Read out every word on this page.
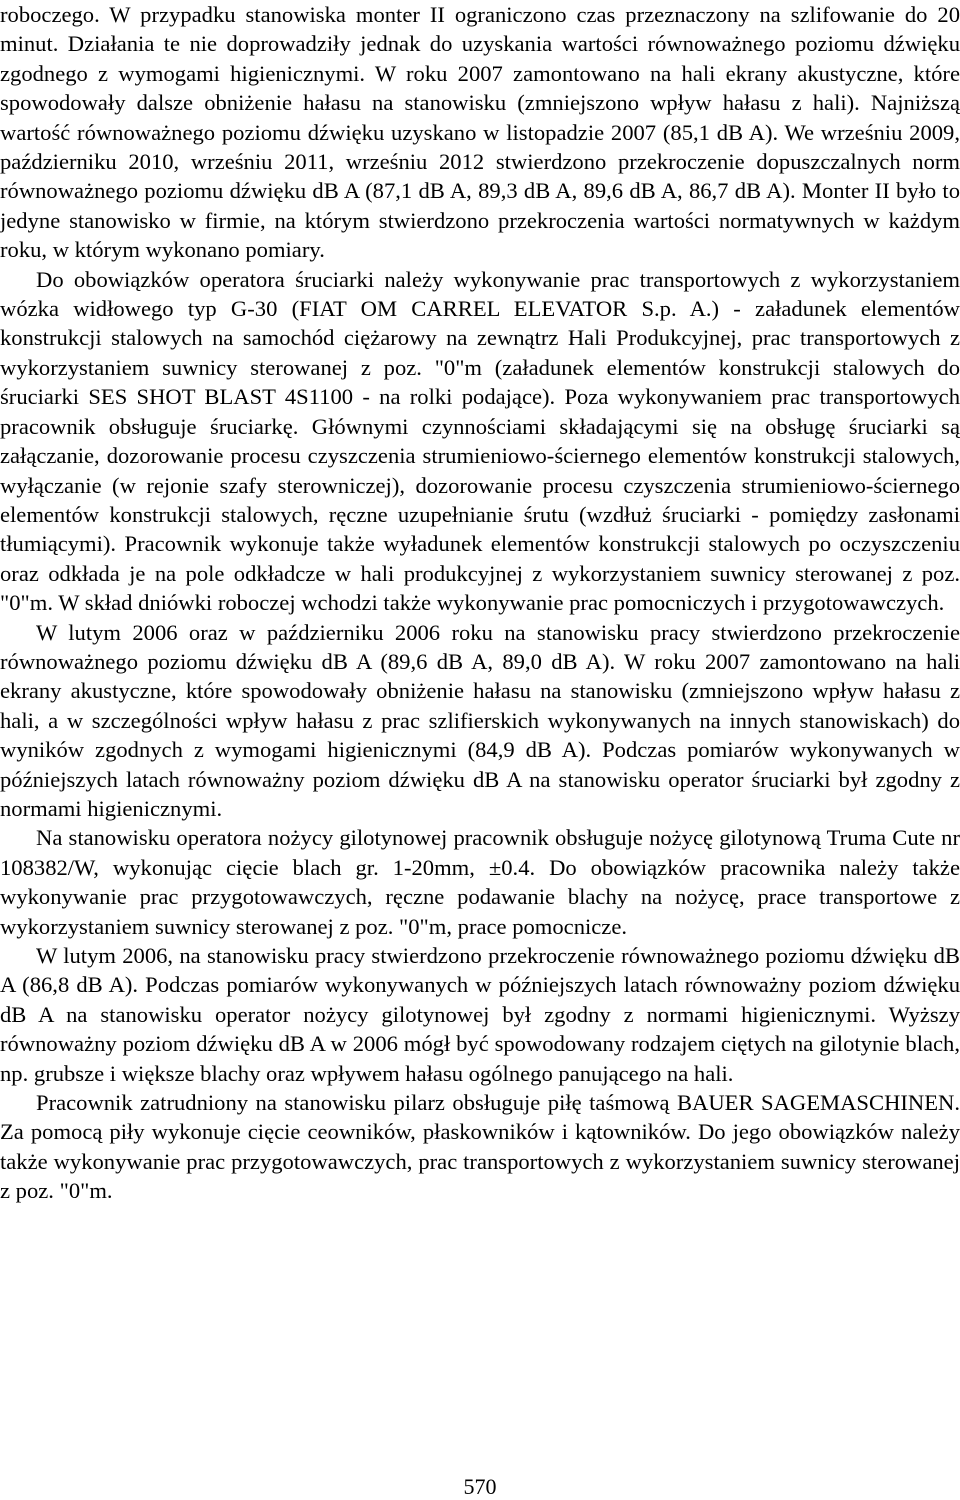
roboczego. W przypadku stanowiska monter II ograniczono czas przeznaczony na szlifowanie do 20 minut. Działania te nie doprowadziły jednak do uzyskania wartości równoważnego poziomu dźwięku zgodnego z wymogami higienicznymi. W roku 2007 zamontowano na hali ekrany akustyczne, które spowodowały dalsze obniżenie hałasu na stanowisku (zmniejszono wpływ hałasu z hali). Najniższą wartość równoważnego poziomu dźwięku uzyskano w listopadzie 2007 (85,1 dB A). We wrześniu 2009, październiku 2010, wrześniu 2011, wrześniu 2012 stwierdzono przekroczenie dopuszczalnych norm równoważnego poziomu dźwięku dB A (87,1 dB A, 89,3 dB A, 89,6 dB A, 86,7 dB A). Monter II było to jedyne stanowisko w firmie, na którym stwierdzono przekroczenia wartości normatywnych w każdym roku, w którym wykonano pomiary.

Do obowiązków operatora śruciarki należy wykonywanie prac transportowych z wykorzystaniem wózka widłowego typ G-30 (FIAT OM CARREL ELEVATOR S.p. A.) - załadunek elementów konstrukcji stalowych na samochód ciężarowy na zewnątrz Hali Produkcyjnej, prac transportowych z wykorzystaniem suwnicy sterowanej z poz. "0"m (załadunek elementów konstrukcji stalowych do śruciarki SES SHOT BLAST 4S1100 - na rolki podające). Poza wykonywaniem prac transportowych pracownik obsługuje śruciarkę. Głównymi czynnościami składającymi się na obsługę śruciarki są załączanie, dozorowanie procesu czyszczenia strumieniowo-ściernego elementów konstrukcji stalowych, wyłączanie (w rejonie szafy sterowniczej), dozorowanie procesu czyszczenia strumieniowo-ściernego elementów konstrukcji stalowych, ręczne uzupełnianie śrutu (wzdłuż śruciarki - pomiędzy zasłonami tłumiącymi). Pracownik wykonuje także wyładunek elementów konstrukcji stalowych po oczyszczeniu oraz odkłada je na pole odkładcze w hali produkcyjnej z wykorzystaniem suwnicy sterowanej z poz. "0"m. W skład dniówki roboczej wchodzi także wykonywanie prac pomocniczych i przygotowawczych.

W lutym 2006 oraz w październiku 2006 roku na stanowisku pracy stwierdzono przekroczenie równoważnego poziomu dźwięku dB A (89,6 dB A, 89,0 dB A). W roku 2007 zamontowano na hali ekrany akustyczne, które spowodowały obniżenie hałasu na stanowisku (zmniejszono wpływ hałasu z hali, a w szczególności wpływ hałasu z prac szlifierskich wykonywanych na innych stanowiskach) do wyników zgodnych z wymogami higienicznymi (84,9 dB A). Podczas pomiarów wykonywanych w późniejszych latach równoważny poziom dźwięku dB A na stanowisku operator śruciarki był zgodny z normami higienicznymi.

Na stanowisku operatora nożycy gilotynowej pracownik obsługuje nożycę gilotynową Truma Cute nr 108382/W, wykonując cięcie blach gr. 1-20mm, ±0.4. Do obowiązków pracownika należy także wykonywanie prac przygotowawczych, ręczne podawanie blachy na nożycę, prace transportowe z wykorzystaniem suwnicy sterowanej z poz. "0"m, prace pomocnicze.

W lutym 2006, na stanowisku pracy stwierdzono przekroczenie równoważnego poziomu dźwięku dB A (86,8 dB A). Podczas pomiarów wykonywanych w późniejszych latach równoważny poziom dźwięku dB A na stanowisku operator nożycy gilotynowej był zgodny z normami higienicznymi. Wyższy równoważny poziom dźwięku dB A w 2006 mógł być spowodowany rodzajem ciętych na gilotynie blach, np. grubsze i większe blachy oraz wpływem hałasu ogólnego panującego na hali.

Pracownik zatrudniony na stanowisku pilarz obsługuje piłę taśmową BAUER SAGEMASCHINEN. Za pomocą piły wykonuje cięcie ceowników, płaskowników i kątowników. Do jego obowiązków należy także wykonywanie prac przygotowawczych, prac transportowych z wykorzystaniem suwnicy sterowanej z poz. "0"m.

570
